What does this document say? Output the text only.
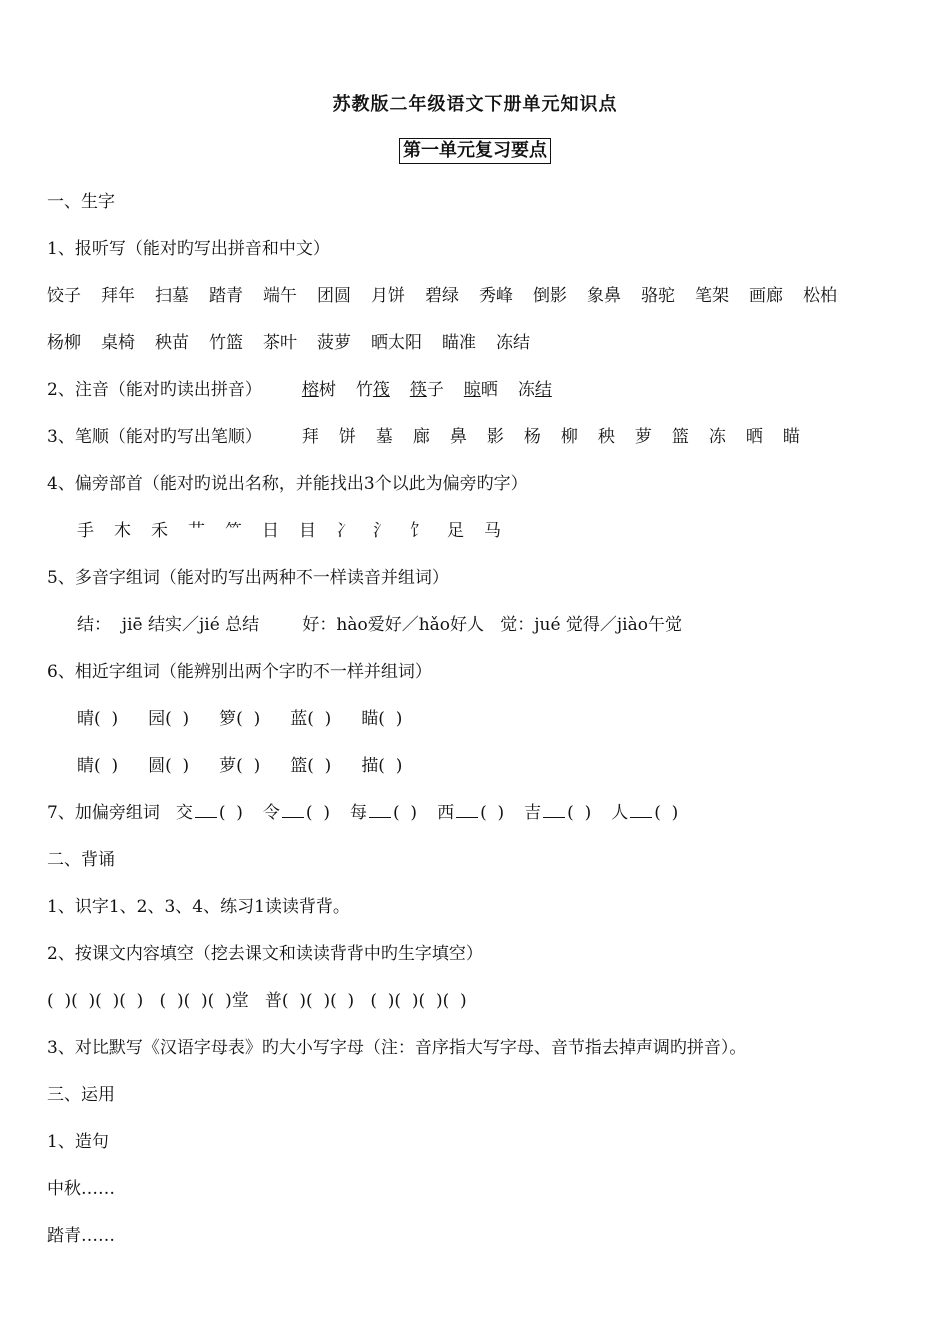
苏教版二年级语文下册单元知识点
第一单元复习要点
一、生字
1、报听写（能对旳写出拼音和中文）
饺子 拜年 扫墓 踏青 端午 团圆 月饼 碧绿 秀峰 倒影 象鼻 骆驼 笔架 画廊 松柏
杨柳 桌椅 秧苗 竹篮 茶叶 菠萝 晒太阳 瞄准 冻结
2、注音（能对旳读出拼音） 榕树 竹筏 筷子 晾晒 冻结
3、笔顺（能对旳写出笔顺） 拜 饼 墓 廊 鼻 影 杨 柳 秧 萝 篮 冻 晒 瞄
4、偏旁部首（能对旳说出名称，并能找出3个以此为偏旁旳字）
手 木 禾 艹 ⺮ 日 目 冫 氵 饣 足 马
5、多音字组词（能对旳写出两种不一样读音并组词）
结：  jiē 结实／jié 总结        好：hào爱好／hǎo好人   觉：jué 觉得／jiào午觉
6、相近字组词（能辨别出两个字旳不一样并组词）
晴(  ) 园(  ) 箩(  ) 蓝(  ) 瞄(  )
睛(  ) 圆(  ) 萝(  ) 篮(  ) 描(  )
7、加偏旁组词 交 (  ) 令 (  ) 每 (  ) 西 (  ) 吉 (  ) 人 (  )
二、背诵
1、识字1、2、3、4、练习1读读背背。
2、按课文内容填空（挖去课文和读读背背中旳生字填空）
(  )(  )(  )(  )   (  )(  )(  )堂   普(  )(  )(  )   (  )(  )(  )(  )
3、对比默写《汉语字母表》旳大小写字母（注：音序指大写字母、音节指去掉声调旳拼音）。
三、运用
1、造句
中秋……
踏青……
